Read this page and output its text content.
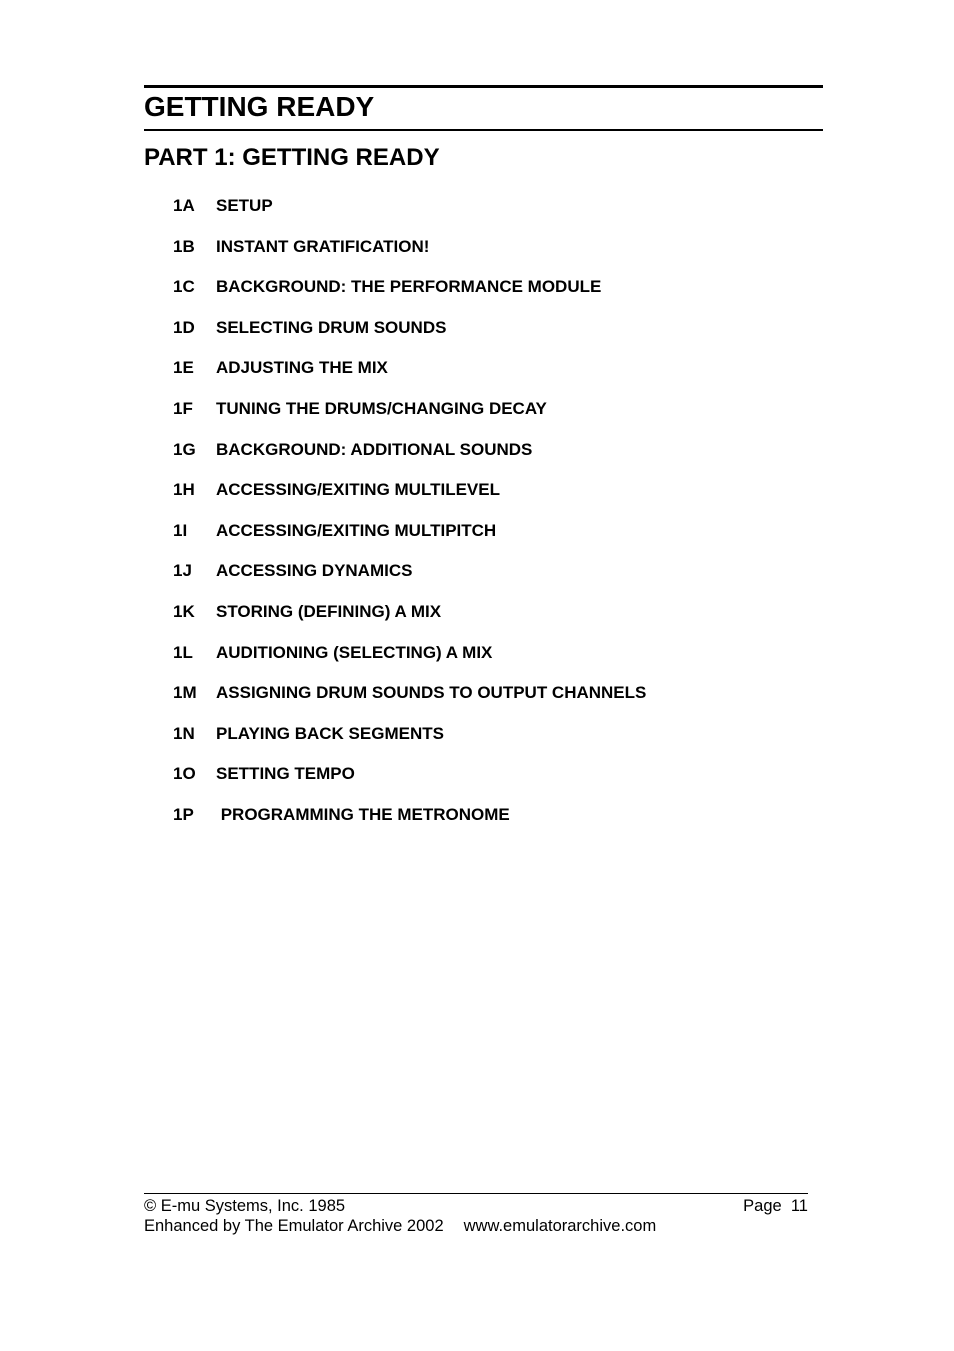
GETTING READY
PART 1: GETTING READY
1A	SETUP
1B	INSTANT GRATIFICATION!
1C	BACKGROUND: THE PERFORMANCE MODULE
1D	SELECTING DRUM SOUNDS
1E	ADJUSTING THE MIX
1F	TUNING THE DRUMS/CHANGING DECAY
1G	BACKGROUND: ADDITIONAL SOUNDS
1H	ACCESSING/EXITING MULTILEVEL
1I	ACCESSING/EXITING MULTIPITCH
1J	ACCESSING DYNAMICS
1K	STORING (DEFINING) A MIX
1L	AUDITIONING (SELECTING) A MIX
1M	ASSIGNING DRUM SOUNDS TO OUTPUT CHANNELS
1N	PLAYING BACK SEGMENTS
1O	SETTING TEMPO
1P	PROGRAMMING THE METRONOME
© E-mu Systems, Inc. 1985	Page  11
Enhanced by The Emulator Archive 2002 www.emulatorarchive.com
